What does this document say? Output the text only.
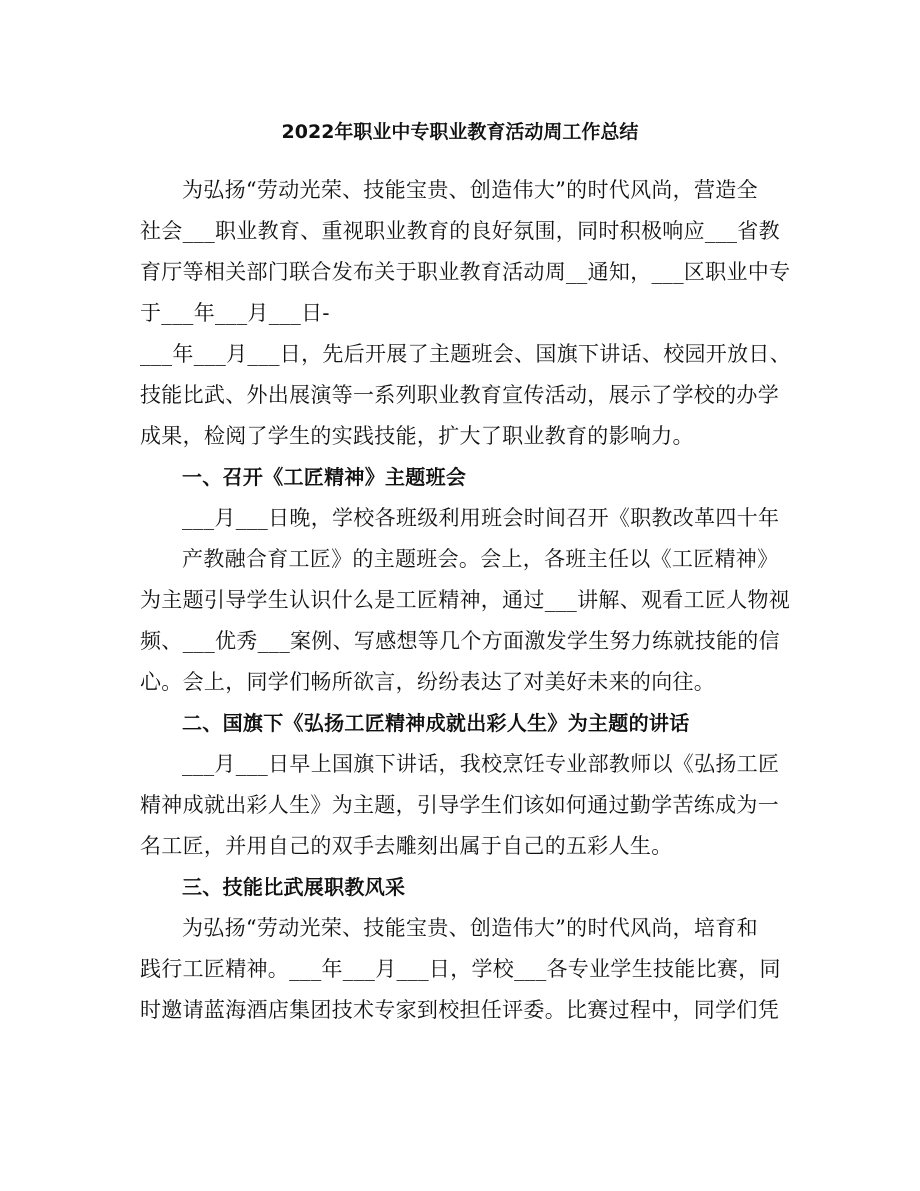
2022年职业中专职业教育活动周工作总结
为弘扬“劳动光荣、技能宝贵、创造伟大”的时代风尚，营造全
社会___职业教育、重视职业教育的良好氛围，同时积极响应___省教
育厅等相关部门联合发布关于职业教育活动周__通知，___区职业中专
于___年___月___日-
___年___月___日，先后开展了主题班会、国旗下讲话、校园开放日、
技能比武、外出展演等一系列职业教育宣传活动，展示了学校的办学
成果，检阅了学生的实践技能，扩大了职业教育的影响力。
一、召开《工匠精神》主题班会
___月___日晚，学校各班级利用班会时间召开《职教改革四十年
产教融合育工匠》的主题班会。会上，各班主任以《工匠精神》
为主题引导学生认识什么是工匠精神，通过___讲解、观看工匠人物视
频、___优秀___案例、写感想等几个方面激发学生努力练就技能的信
心。会上，同学们畅所欲言，纷纷表达了对美好未来的向往。
二、国旗下《弘扬工匠精神成就出彩人生》为主题的讲话
___月___日早上国旗下讲话，我校烹饪专业部教师以《弘扬工匠
精神成就出彩人生》为主题，引导学生们该如何通过勤学苦练成为一
名工匠，并用自己的双手去雕刻出属于自己的五彩人生。
三、技能比武展职教风采
为弘扬“劳动光荣、技能宝贵、创造伟大”的时代风尚，培育和
践行工匠精神。___年___月___日，学校___各专业学生技能比赛，同
时邀请蓝海酒店集团技术专家到校担任评委。比赛过程中，同学们凭
